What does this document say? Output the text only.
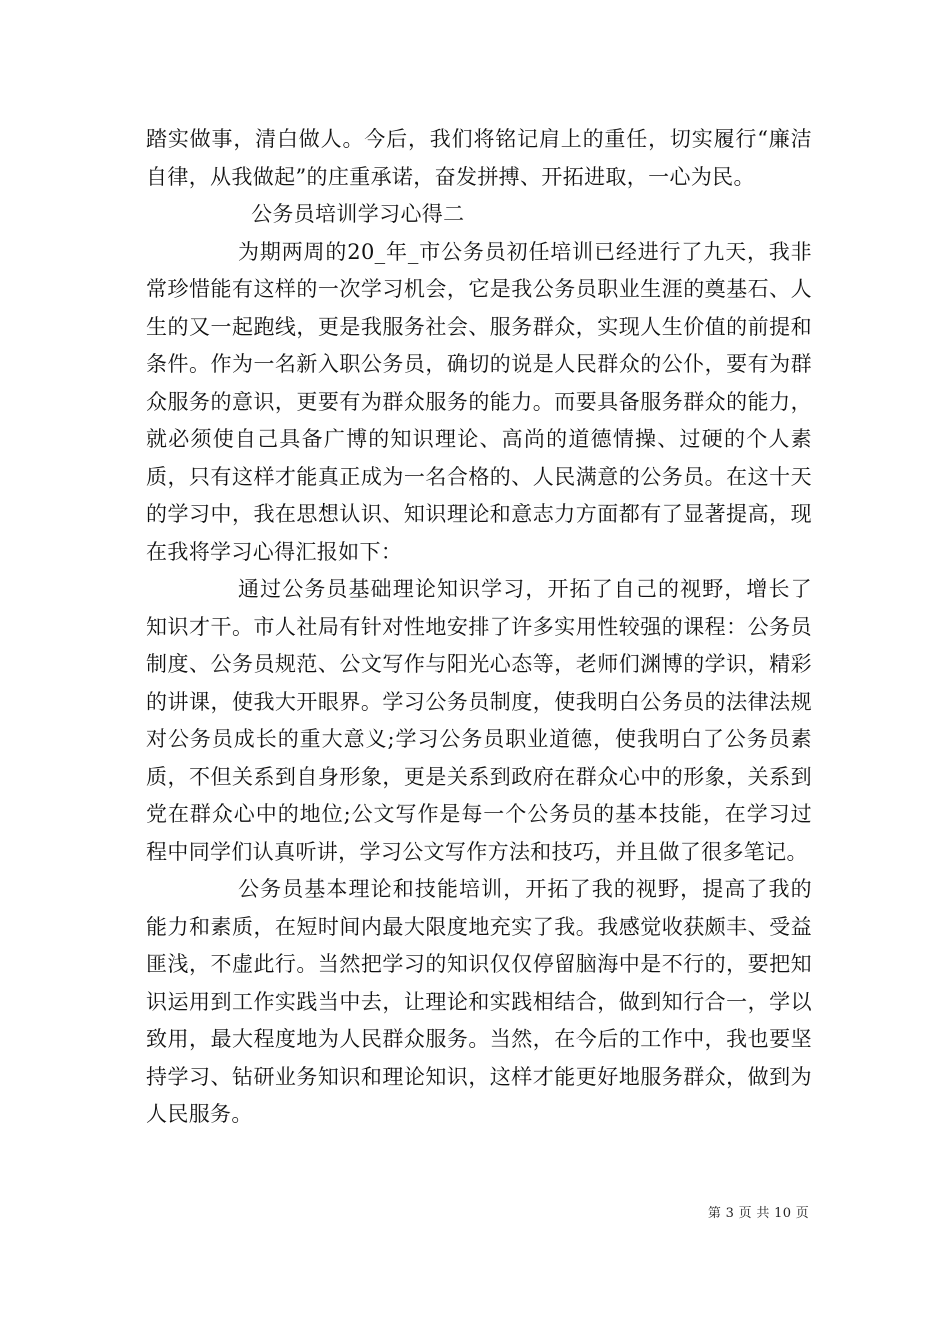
踏实做事，清白做人。今后，我们将铭记肩上的重任，切实履行“廉洁自律，从我做起”的庄重承诺，奋发拼搏、开拓进取，一心为民。

公务员培训学习心得二

为期两周的20_年_市公务员初任培训已经进行了九天，我非常珍惜能有这样的一次学习机会，它是我公务员职业生涯的奠基石、人生的又一起跑线，更是我服务社会、服务群众，实现人生价值的前提和条件。作为一名新入职公务员，确切的说是人民群众的公仆，要有为群众服务的意识，更要有为群众服务的能力。而要具备服务群众的能力，就必须使自己具备广博的知识理论、高尚的道德情操、过硬的个人素质，只有这样才能真正成为一名合格的、人民满意的公务员。在这十天的学习中，我在思想认识、知识理论和意志力方面都有了显著提高，现在我将学习心得汇报如下：

通过公务员基础理论知识学习，开拓了自己的视野，增长了知识才干。市人社局有针对性地安排了许多实用性较强的课程：公务员制度、公务员规范、公文写作与阳光心态等，老师们渊博的学识，精彩的讲课，使我大开眼界。学习公务员制度，使我明白公务员的法律法规对公务员成长的重大意义;学习公务员职业道德，使我明白了公务员素质，不但关系到自身形象，更是关系到政府在群众心中的形象，关系到党在群众心中的地位;公文写作是每一个公务员的基本技能，在学习过程中同学们认真听讲，学习公文写作方法和技巧，并且做了很多笔记。

公务员基本理论和技能培训，开拓了我的视野，提高了我的能力和素质，在短时间内最大限度地充实了我。我感觉收获颇丰、受益匪浅，不虚此行。当然把学习的知识仅仅停留脑海中是不行的，要把知识运用到工作实践当中去，让理论和实践相结合，做到知行合一，学以致用，最大程度地为人民群众服务。当然，在今后的工作中，我也要坚持学习、钻研业务知识和理论知识，这样才能更好地服务群众，做到为人民服务。

第 3 页 共 10 页
